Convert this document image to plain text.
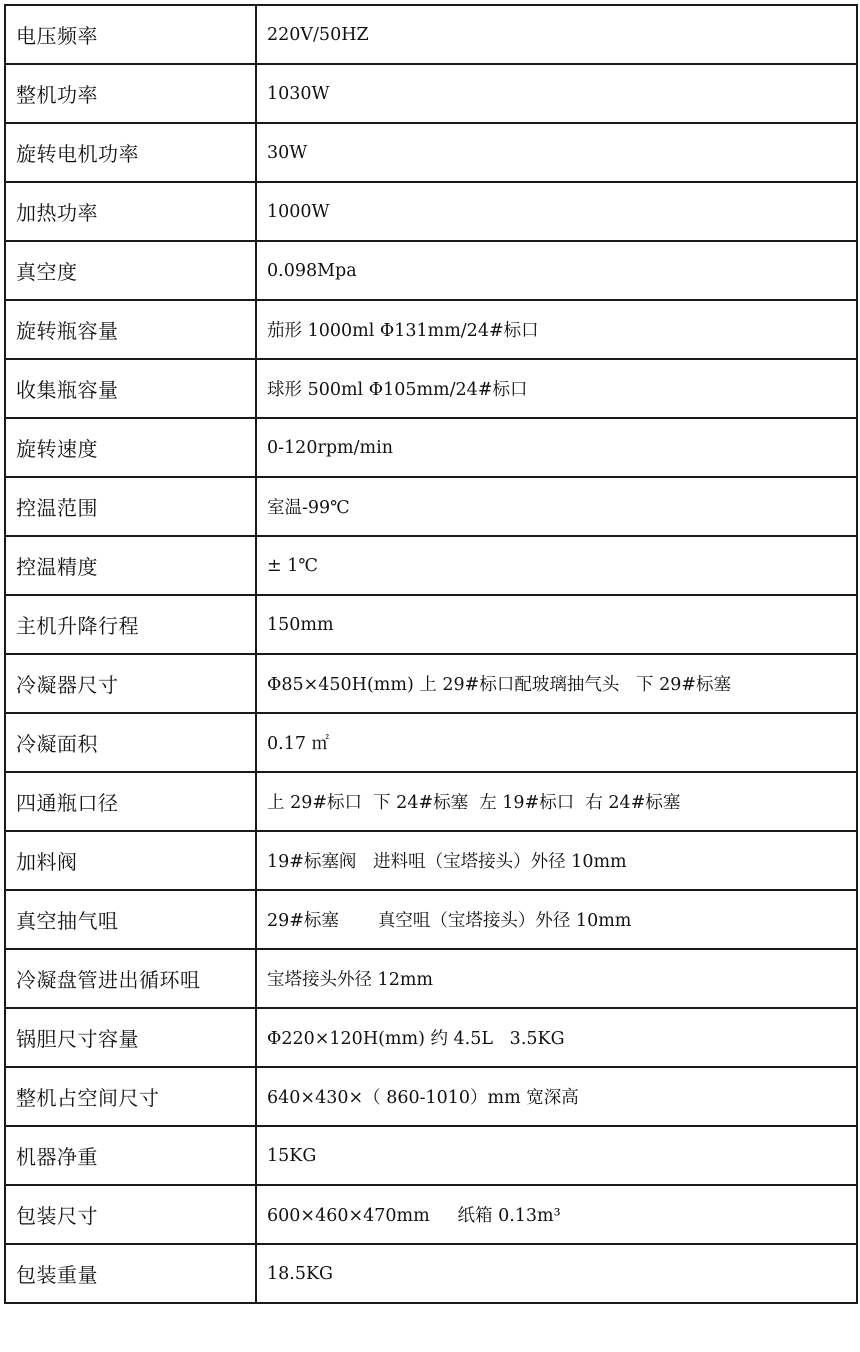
电压频率	220V/50HZ
整机功率	1030W
旋转电机功率	30W
加热功率	1000W
真空度	0.098Mpa
旋转瓶容量	茄形 1000ml Φ131mm/24#标口
收集瓶容量	球形 500ml Φ105mm/24#标口
旋转速度	0-120rpm/min
控温范围	室温-99℃
控温精度	± 1℃
主机升降行程	150mm
冷凝器尺寸	Φ85×450H(mm) 上 29#标口配玻璃抽气头   下 29#标塞
冷凝面积	0.17 ㎡
四通瓶口径	上 29#标口  下 24#标塞  左 19#标口  右 24#标塞
加料阀	19#标塞阀   进料咀（宝塔接头）外径 10mm
真空抽气咀	29#标塞       真空咀（宝塔接头）外径 10mm
冷凝盘管进出循环咀	宝塔接头外径 12mm
锅胆尺寸容量	Φ220×120H(mm) 约 4.5L   3.5KG
整机占空间尺寸	640×430×（ 860-1010）mm 宽深高
机器净重	15KG
包装尺寸	600×460×470mm     纸箱 0.13m³
包装重量	18.5KG
